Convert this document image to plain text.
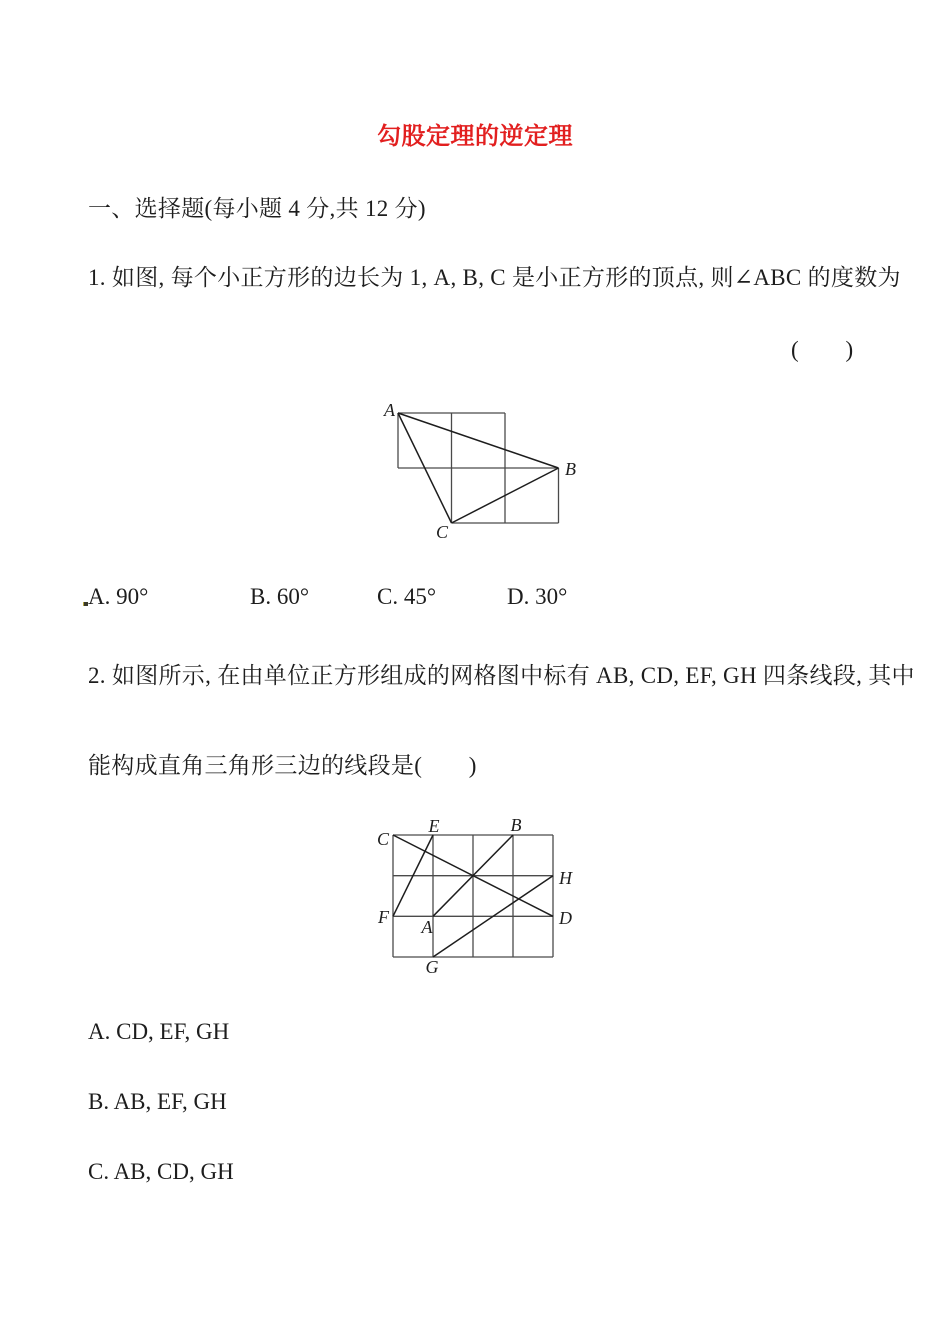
勾股定理的逆定理
一、选择题(每小题 4 分,共 12 分)
1. 如图, 每个小正方形的边长为 1, A, B, C 是小正方形的顶点, 则∠ABC 的度数为
(　　)
A
B
C
A. 90°	B. 60°	C. 45°	D. 30°
2. 如图所示, 在由单位正方形组成的网格图中标有 AB, CD, EF, GH 四条线段, 其中
能构成直角三角形三边的线段是(　　)
C
E	B
H
F A	D
G
A. CD, EF, GH
B. AB, EF, GH
C. AB, CD, GH
